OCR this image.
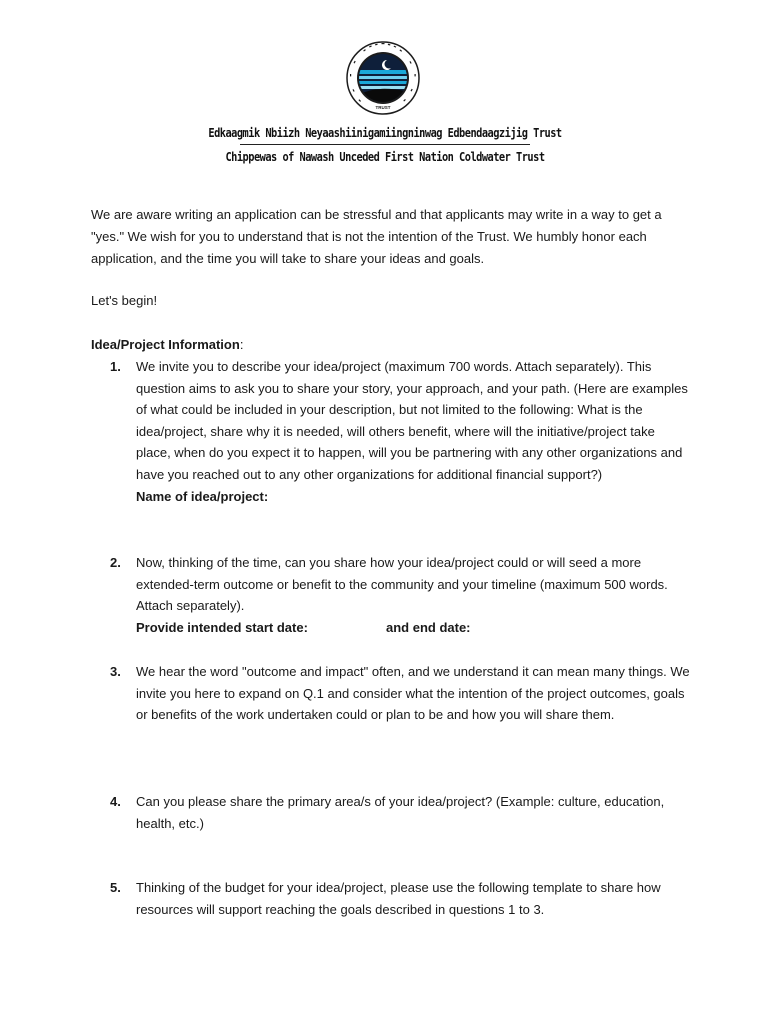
TRUST
Edkaagmik Nbiizh Neyaashiinigamiingninwag Edbendaagzijig Trust
Chippewas of Nawash Unceded First Nation Coldwater Trust

We are aware writing an application can be stressful and that applicants may write in a way to get a "yes." We wish for you to understand that is not the intention of the Trust. We humbly honor each application, and the time you will take to share your ideas and goals.

Let's begin!

Idea/Project Information:

1. We invite you to describe your idea/project (maximum 700 words. Attach separately). This question aims to ask you to share your story, your approach, and your path. (Here are examples of what could be included in your description, but not limited to the following: What is the idea/project, share why it is needed, will others benefit, where will the initiative/project take place, when do you expect it to happen, will you be partnering with any other organizations and have you reached out to any other organizations for additional financial support?)
Name of idea/project:
2. Now, thinking of the time, can you share how your idea/project could or will seed a more extended-term outcome or benefit to the community and your timeline (maximum 500 words. Attach separately).
Provide intended start date:	and end date:
3. We hear the word "outcome and impact" often, and we understand it can mean many things. We invite you here to expand on Q.1 and consider what the intention of the project outcomes, goals or benefits of the work undertaken could or plan to be and how you will share them.
4. Can you please share the primary area/s of your idea/project? (Example: culture, education, health, etc.)
5. Thinking of the budget for your idea/project, please use the following template to share how resources will support reaching the goals described in questions 1 to 3.
